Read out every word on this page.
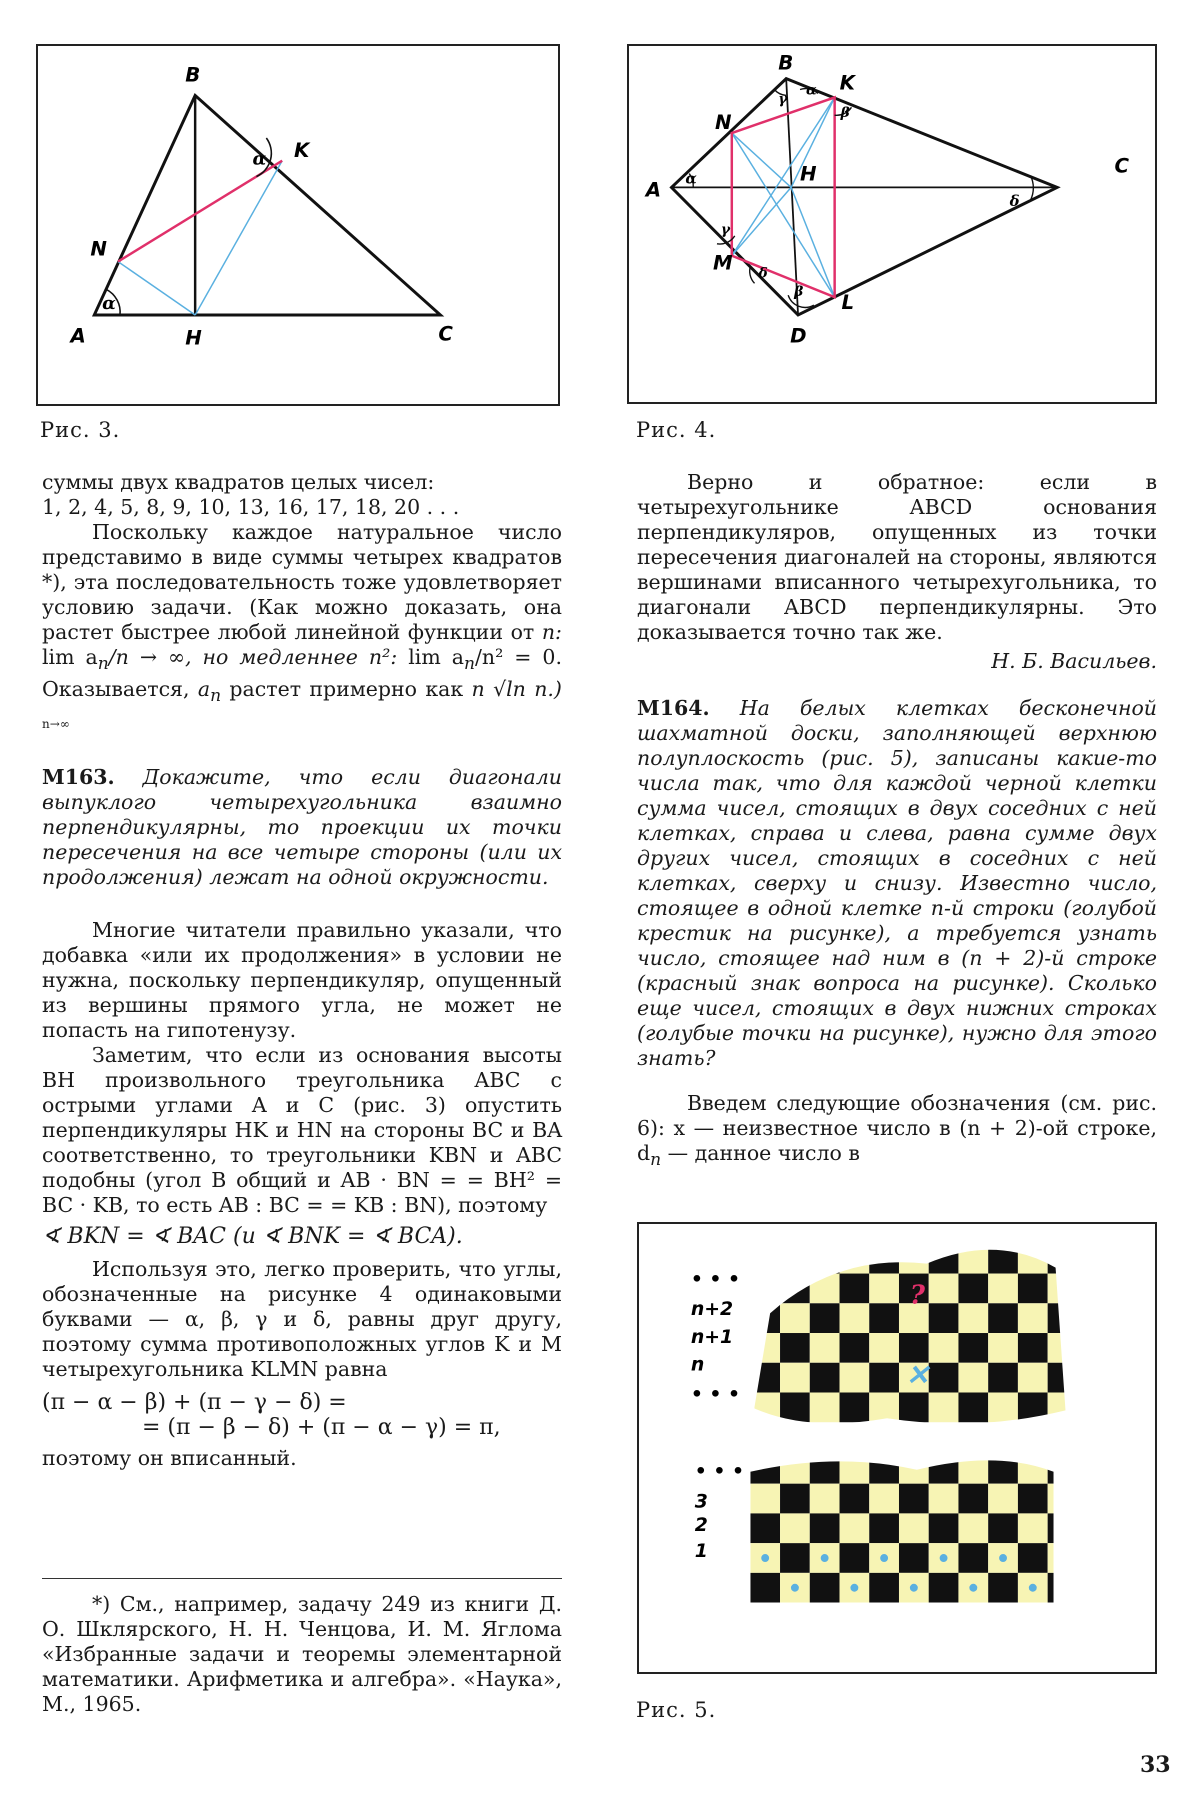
α
α
B
A	H	C
K
N
Рис. 3.
α
α
γ
β
γ
δ
β
δ
B
K
N
A
H	C
M
L
D
Рис. 4.

суммы двух квадратов целых чисел:

1, 2, 4, 5, 8, 9, 10, 13, 16, 17, 18, 20 . . .

Поскольку каждое натуральное число представимо в виде суммы четырех квадратов *), эта последовательность тоже удовлетворяет условию задачи. (Как можно доказать, она растет быстрее любой линейной функции от n: $\lim a_n/n$ → ∞, но медленнее n²: $\lim a_n/n^2 = 0$. Оказывается, $a_n$ растет примерно как n √ln n.) n→∞

М163. Докажите, что если диагонали выпуклого четырехугольника взаимно перпендикулярны, то проекции их точки пересечения на все четыре стороны (или их продолжения) лежат на одной окружности.

Многие читатели правильно указали, что добавка «или их продолжения» в условии не нужна, поскольку перпендикуляр, опущенный из вершины прямого угла, не может не попасть на гипотенузу.

Заметим, что если из основания высоты BH произвольного треугольника ABC с острыми углами A и C (рис. 3) опустить перпендикуляры HK и HN на стороны BC и BA соответственно, то треугольники KBN и ABC подобны (угол B общий и AB · BN = = BH² = BC · KB, то есть AB : BC = = KB : BN), поэтому

∢ BKN = ∢ BAC (и ∢ BNK = ∢ BCA).

Используя это, легко проверить, что углы, обозначенные на рисунке 4 одинаковыми буквами — α, β, γ и δ, равны друг другу, поэтому сумма противоположных углов K и M четырехугольника KLMN равна

(π − α − β) + (π − γ − δ) =

= (π − β − δ) + (π − α − γ) = π,

поэтому он вписанный.

*) См., например, задачу 249 из книги Д. О. Шклярского, Н. Н. Ченцова, И. М. Яглома «Избранные задачи и теоремы элементарной математики. Арифметика и алгебра». «Наука», М., 1965.

Верно и обратное: если в четырехугольнике ABCD основания перпендикуляров, опущенных из точки пересечения диагоналей на стороны, являются вершинами вписанного четырехугольника, то диагонали ABCD перпендикулярны. Это доказывается точно так же.

Н. Б. Васильев.

М164. На белых клетках бесконечной шахматной доски, заполняющей верхнюю полуплоскость (рис. 5), записаны какие-то числа так, что для каждой черной клетки сумма чисел, стоящих в двух соседних с ней клетках, справа и слева, равна сумме двух других чисел, стоящих в соседних с ней клетках, сверху и снизу. Известно число, стоящее в одной клетке n-й строки (голубой крестик на рисунке), а требуется узнать число, стоящее над ним в (n + 2)-й строке (красный знак вопроса на рисунке). Сколько еще чисел, стоящих в двух нижних строках (голубые точки на рисунке), нужно для этого знать?

Введем следующие обозначения (см. рис. 6): x — неизвестное число в (n + 2)-ой строке, $d_n$ — данное число в

?
✕
• • •
n+2
n+1
n
• • •
• • •
3
2
1
Рис. 5.
33
